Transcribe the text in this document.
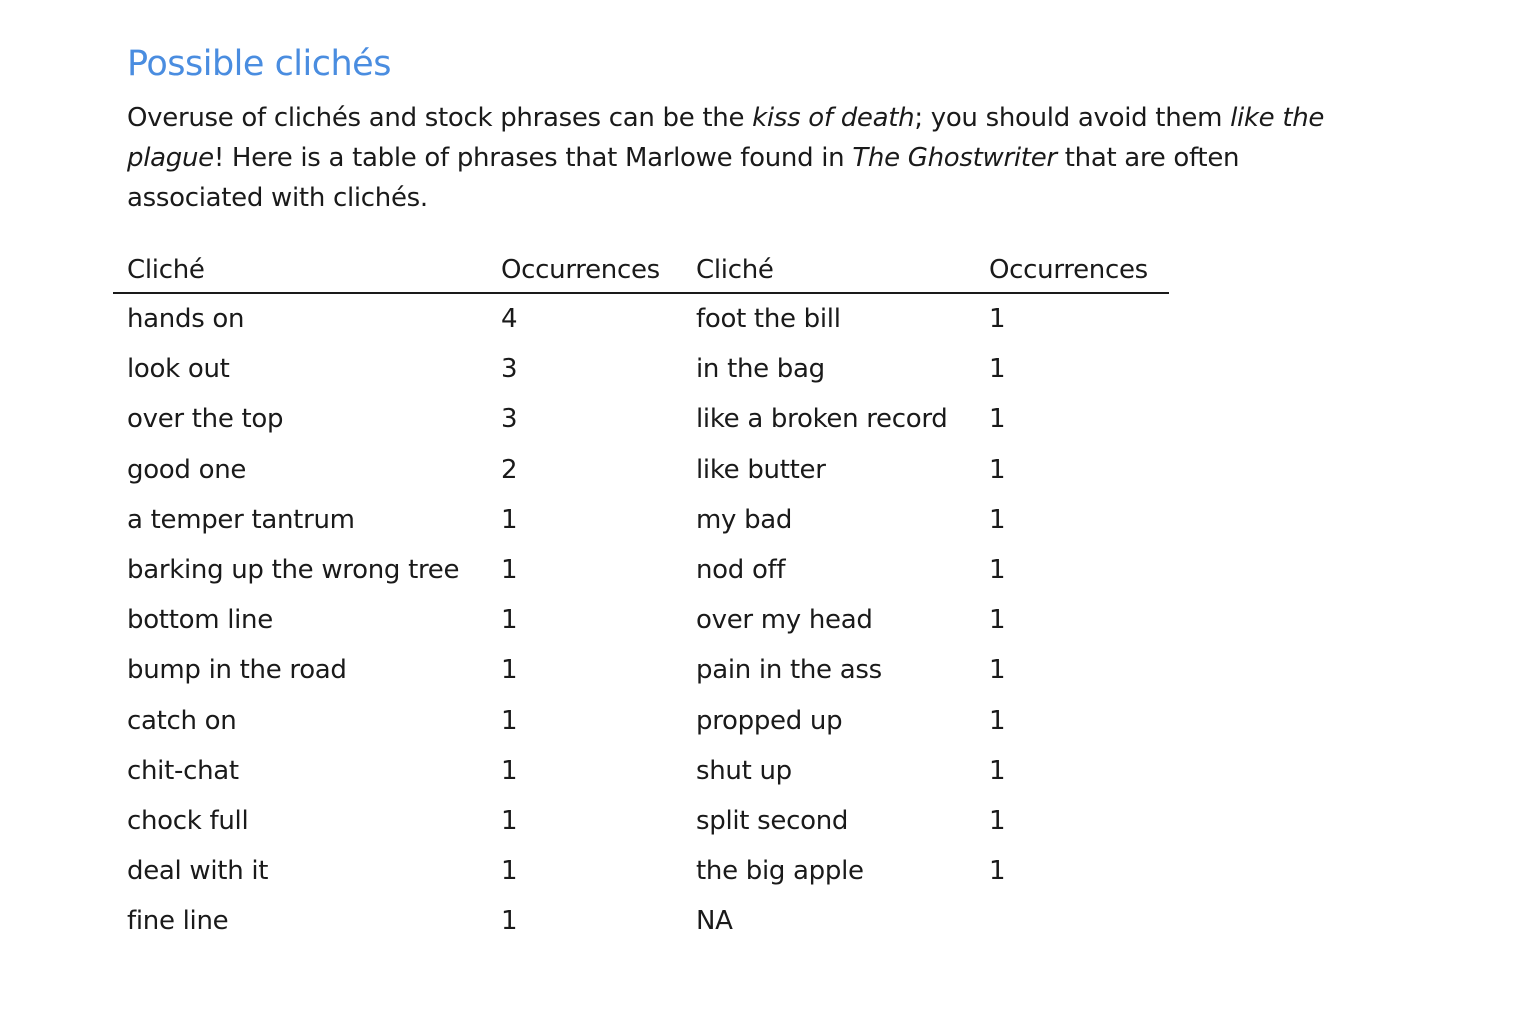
Possible clichés

Overuse of clichés and stock phrases can be the kiss of death; you should avoid them like the plague! Here is a table of phrases that Marlowe found in The Ghostwriter that are often associated with clichés.

Cliché	Occurrences	Cliché	Occurrences
hands on	4	foot the bill	1
look out	3	in the bag	1
over the top	3	like a broken record	1
good one	2	like butter	1
a temper tantrum	1	my bad	1
barking up the wrong tree	1	nod off	1
bottom line	1	over my head	1
bump in the road	1	pain in the ass	1
catch on	1	propped up	1
chit-chat	1	shut up	1
chock full	1	split second	1
deal with it	1	the big apple	1
fine line	1	NA	
